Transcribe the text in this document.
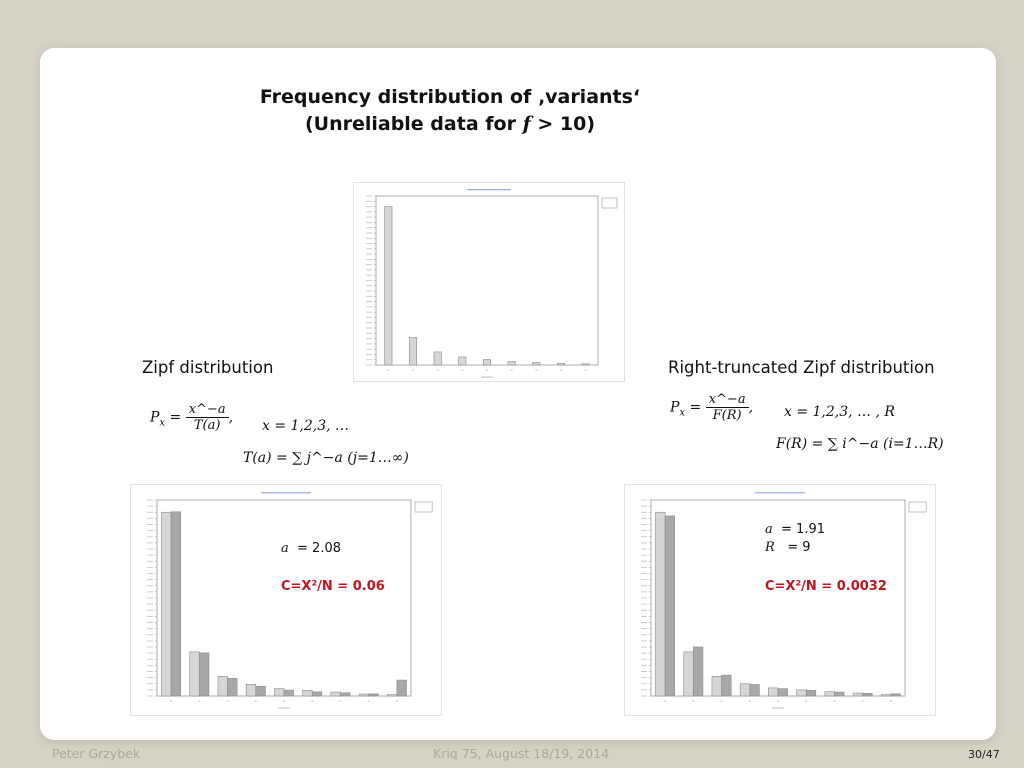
Frequency distribution of ‚variants‘
(Unreliable data for f > 10)
Zipf distribution	Right-truncated Zipf distribution
$P_x = \frac{x\^{}-a}{T(a)}$ ,
x = 1,2,3, …
T(a) = ∑ j^−a (j=1…∞)
$P_x = \frac{x\^{}-a}{F(R)}$ , x = 1,2,3, … , R
F(R) = ∑ i^−a (i=1…R)
a = 2.08
C=X²/N = 0.06
a = 1.91
R = 9
C=X²/N = 0.0032
Peter Grzybek	Kriq 75, August 18/19, 2014	30/47
